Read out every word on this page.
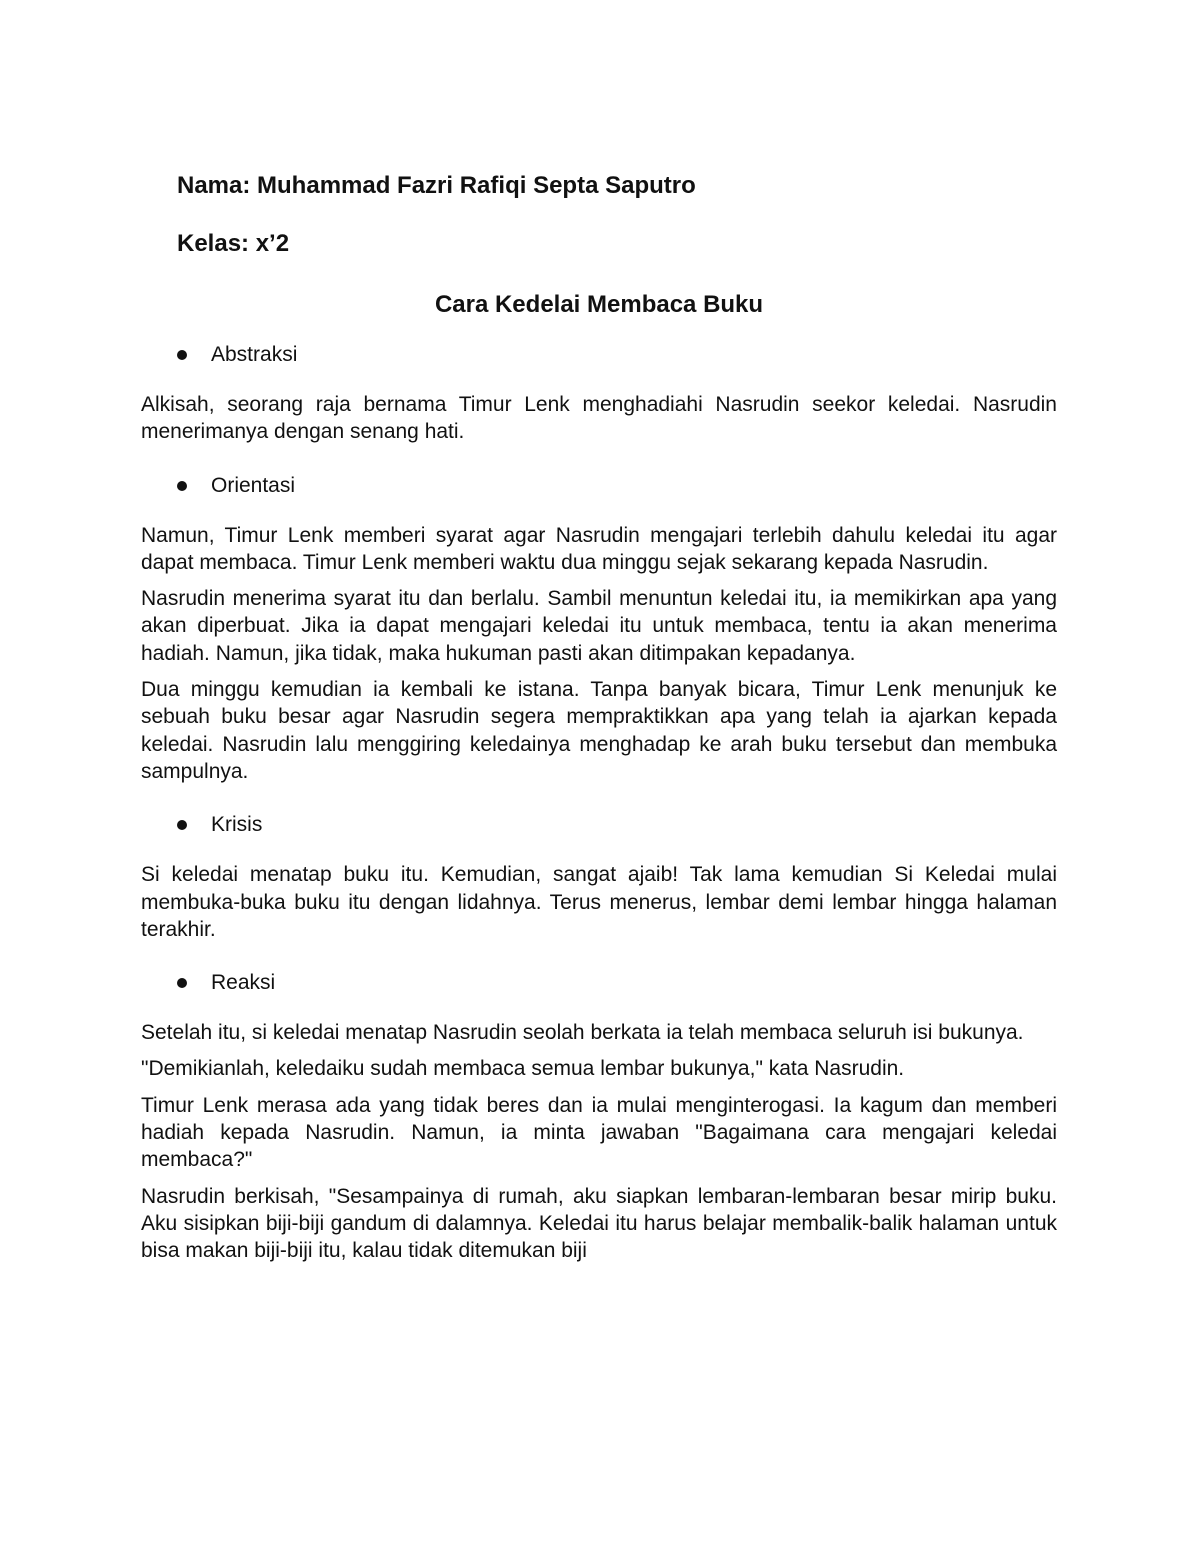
Nama: Muhammad Fazri Rafiqi Septa Saputro
Kelas: x’2
Cara Kedelai Membaca Buku
Abstraksi

Alkisah, seorang raja bernama Timur Lenk menghadiahi Nasrudin seekor keledai. Nasrudin menerimanya dengan senang hati.

Orientasi

Namun, Timur Lenk memberi syarat agar Nasrudin mengajari terlebih dahulu keledai itu agar dapat membaca. Timur Lenk memberi waktu dua minggu sejak sekarang kepada Nasrudin.

Nasrudin menerima syarat itu dan berlalu. Sambil menuntun keledai itu, ia memikirkan apa yang akan diperbuat. Jika ia dapat mengajari keledai itu untuk membaca, tentu ia akan menerima hadiah. Namun, jika tidak, maka hukuman pasti akan ditimpakan kepadanya.

Dua minggu kemudian ia kembali ke istana. Tanpa banyak bicara, Timur Lenk menunjuk ke sebuah buku besar agar Nasrudin segera mempraktikkan apa yang telah ia ajarkan kepada keledai. Nasrudin lalu menggiring keledainya menghadap ke arah buku tersebut dan membuka sampulnya.

Krisis

Si keledai menatap buku itu. Kemudian, sangat ajaib! Tak lama kemudian Si Keledai mulai membuka-buka buku itu dengan lidahnya. Terus menerus, lembar demi lembar hingga halaman terakhir.

Reaksi

Setelah itu, si keledai menatap Nasrudin seolah berkata ia telah membaca seluruh isi bukunya.

"Demikianlah, keledaiku sudah membaca semua lembar bukunya," kata Nasrudin.

Timur Lenk merasa ada yang tidak beres dan ia mulai menginterogasi. Ia kagum dan memberi hadiah kepada Nasrudin. Namun, ia minta jawaban "Bagaimana cara mengajari keledai membaca?"

Nasrudin berkisah, "Sesampainya di rumah, aku siapkan lembaran-lembaran besar mirip buku. Aku sisipkan biji-biji gandum di dalamnya. Keledai itu harus belajar membalik-balik halaman untuk bisa makan biji-biji itu, kalau tidak ditemukan biji
